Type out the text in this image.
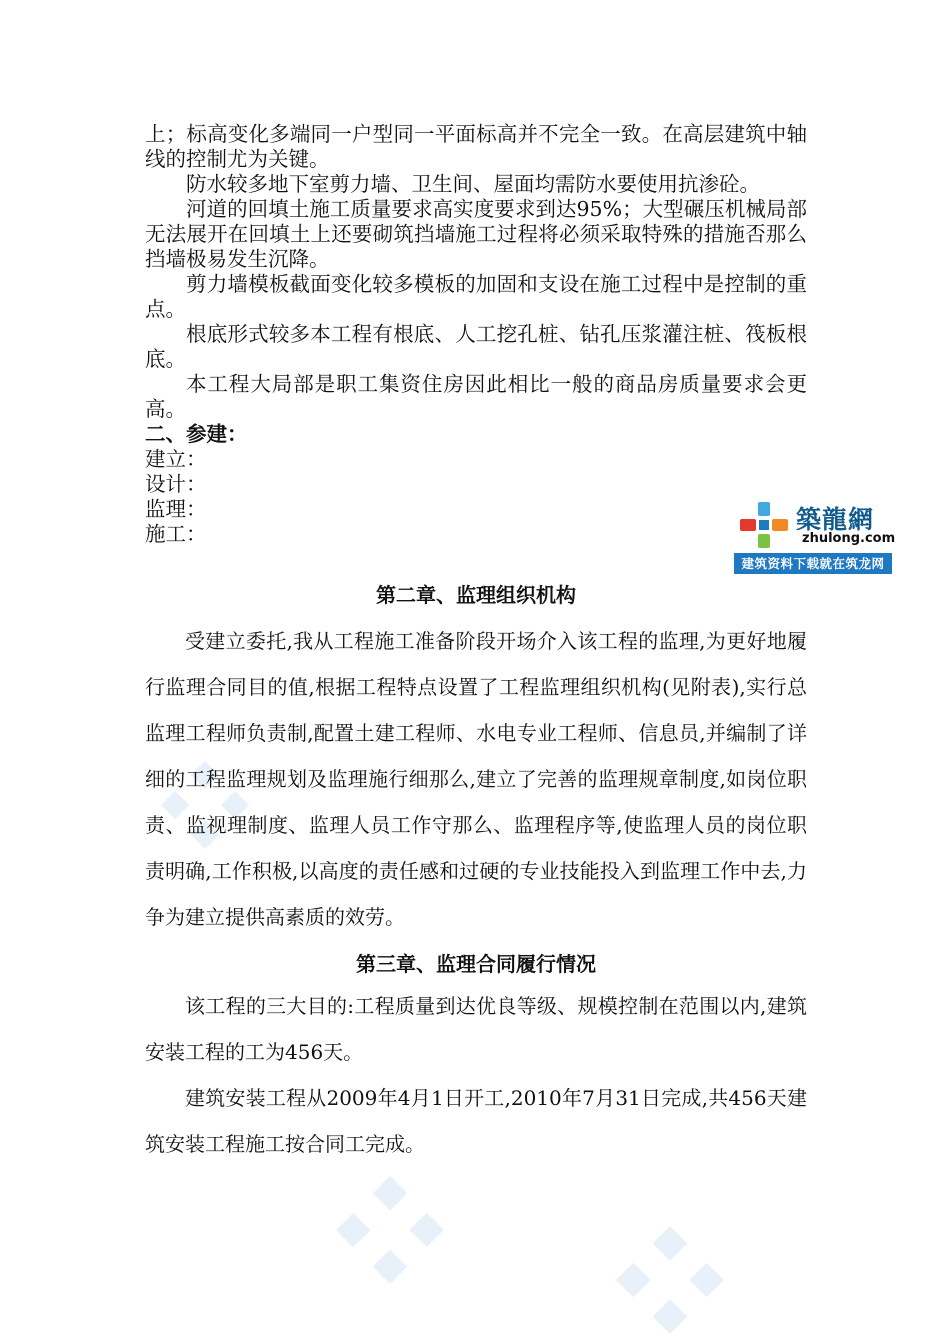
上；标高变化多端同一户型同一平面标高并不完全一致。在高层建筑中轴线的控制尤为关键。

防水较多地下室剪力墙、卫生间、屋面均需防水要使用抗渗砼。

河道的回填土施工质量要求高实度要求到达95%；大型碾压机械局部无法展开在回填土上还要砌筑挡墙施工过程将必须采取特殊的措施否那么挡墙极易发生沉降。

剪力墙模板截面变化较多模板的加固和支设在施工过程中是控制的重点。

根底形式较多本工程有根底、人工挖孔桩、钻孔压浆灌注桩、筏板根底。

本工程大局部是职工集资住房因此相比一般的商品房质量要求会更高。

二、参建：

建立：

设计：

监理：

施工：

第二章、监理组织机构

受建立委托,我从工程施工准备阶段开场介入该工程的监理,为更好地履行监理合同目的值,根据工程特点设置了工程监理组织机构(见附表),实行总监理工程师负责制,配置土建工程师、水电专业工程师、信息员,并编制了详细的工程监理规划及监理施行细那么,建立了完善的监理规章制度,如岗位职责、监视理制度、监理人员工作守那么、监理程序等,使监理人员的岗位职责明确,工作积极,以高度的责任感和过硬的专业技能投入到监理工作中去,力争为建立提供高素质的效劳。

第三章、监理合同履行情况

该工程的三大目的:工程质量到达优良等级、规模控制在范围以内,建筑安装工程的工为456天。

建筑安装工程从2009年4月1日开工,2010年7月31日完成,共456天建筑安装工程施工按合同工完成。

築龍網
zhulong.com
建筑资料下载就在筑龙网
